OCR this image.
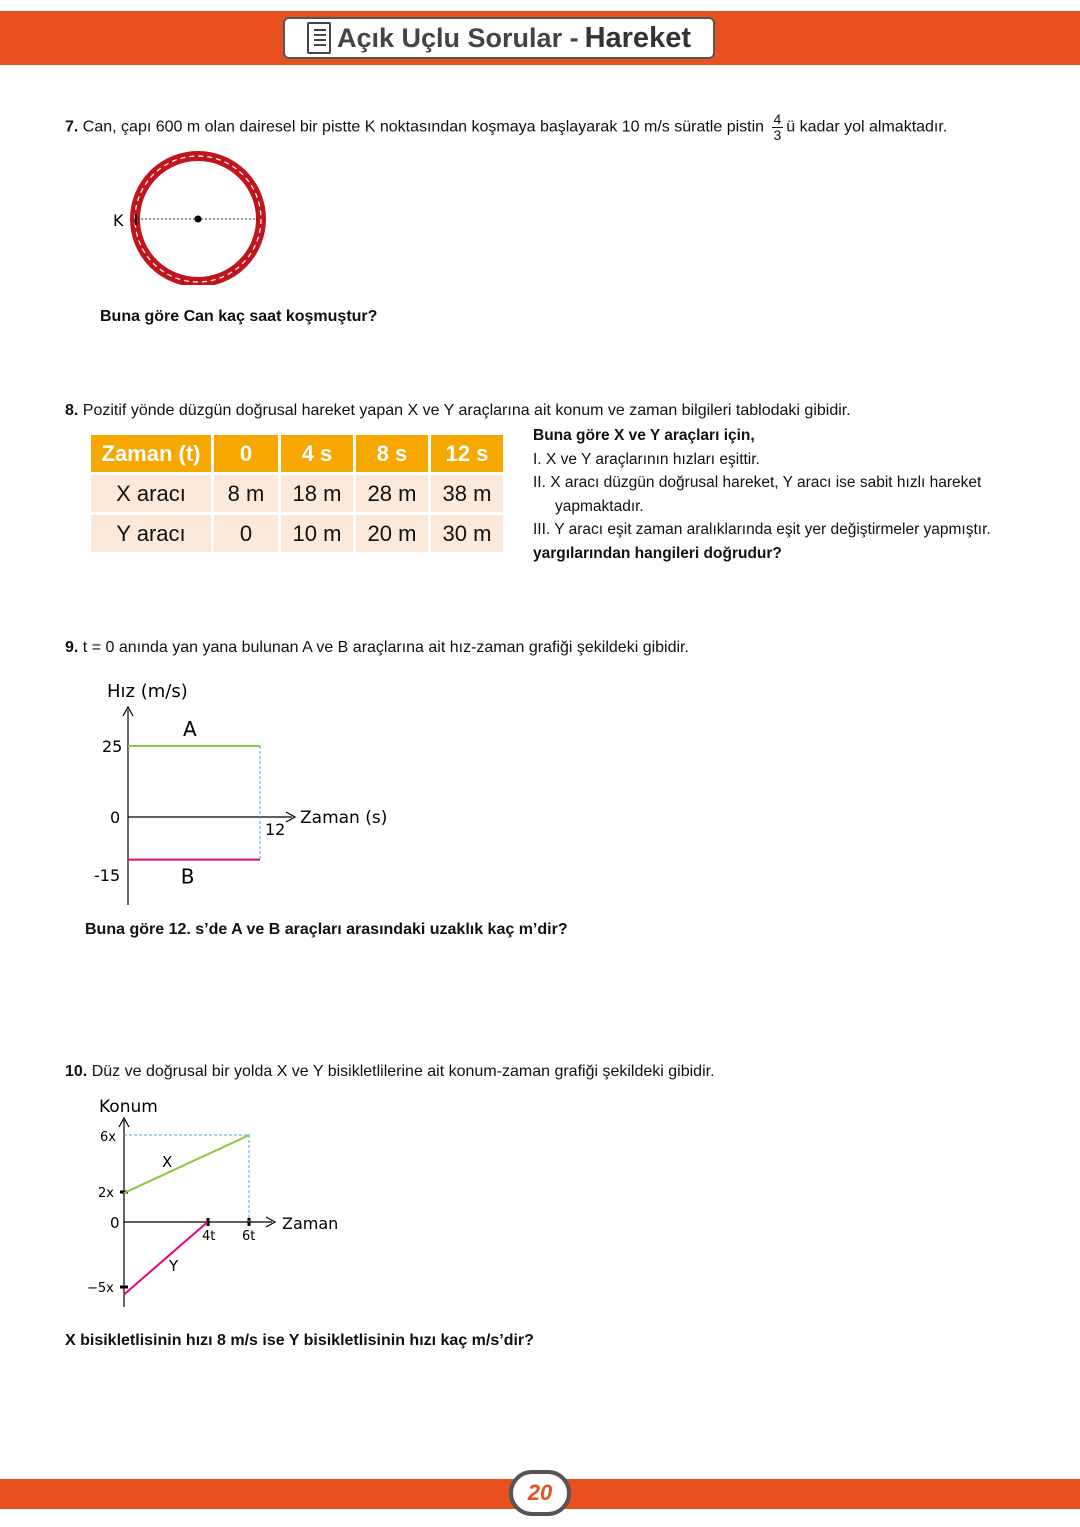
Açık Uçlu Sorular - Hareket
7. Can, çapı 600 m olan dairesel bir pistte K noktasından koşmaya başlayarak 10 m/s süratle pistin $\frac{4}{3}$ ü kadar yol almaktadır.
K
Buna göre Can kaç saat koşmuştur?
8. Pozitif yönde düzgün doğrusal hareket yapan X ve Y araçlarına ait konum ve zaman bilgileri tablodaki gibidir.
Zaman (t)	0	4 s	8 s	12 s
X aracı	8 m	18 m	28 m	38 m
Y aracı	0	10 m	20 m	30 m
Buna göre X ve Y araçları için,
I. X ve Y araçlarının hızları eşittir.
II. X aracı düzgün doğrusal hareket, Y aracı ise sabit hızlı hareket
yapmaktadır.
III. Y aracı eşit zaman aralıklarında eşit yer değiştirmeler yapmıştır.
yargılarından hangileri doğrudur?
9. t = 0 anında yan yana bulunan A ve B araçlarına ait hız-zaman grafiği şekildeki gibidir.
Hız (m/s)
Zaman (s)
25
0
-15
12
A
B
Buna göre 12. s’de A ve B araçları arasındaki uzaklık kaç m’dir?
10. Düz ve doğrusal bir yolda X ve Y bisikletlilerine ait konum-zaman grafiği şekildeki gibidir.
Konum
Zaman
6x
2x
0
−5x
4t 6t
X
Y
X bisikletlisinin hızı 8 m/s ise Y bisikletlisinin hızı kaç m/s’dir?
20
